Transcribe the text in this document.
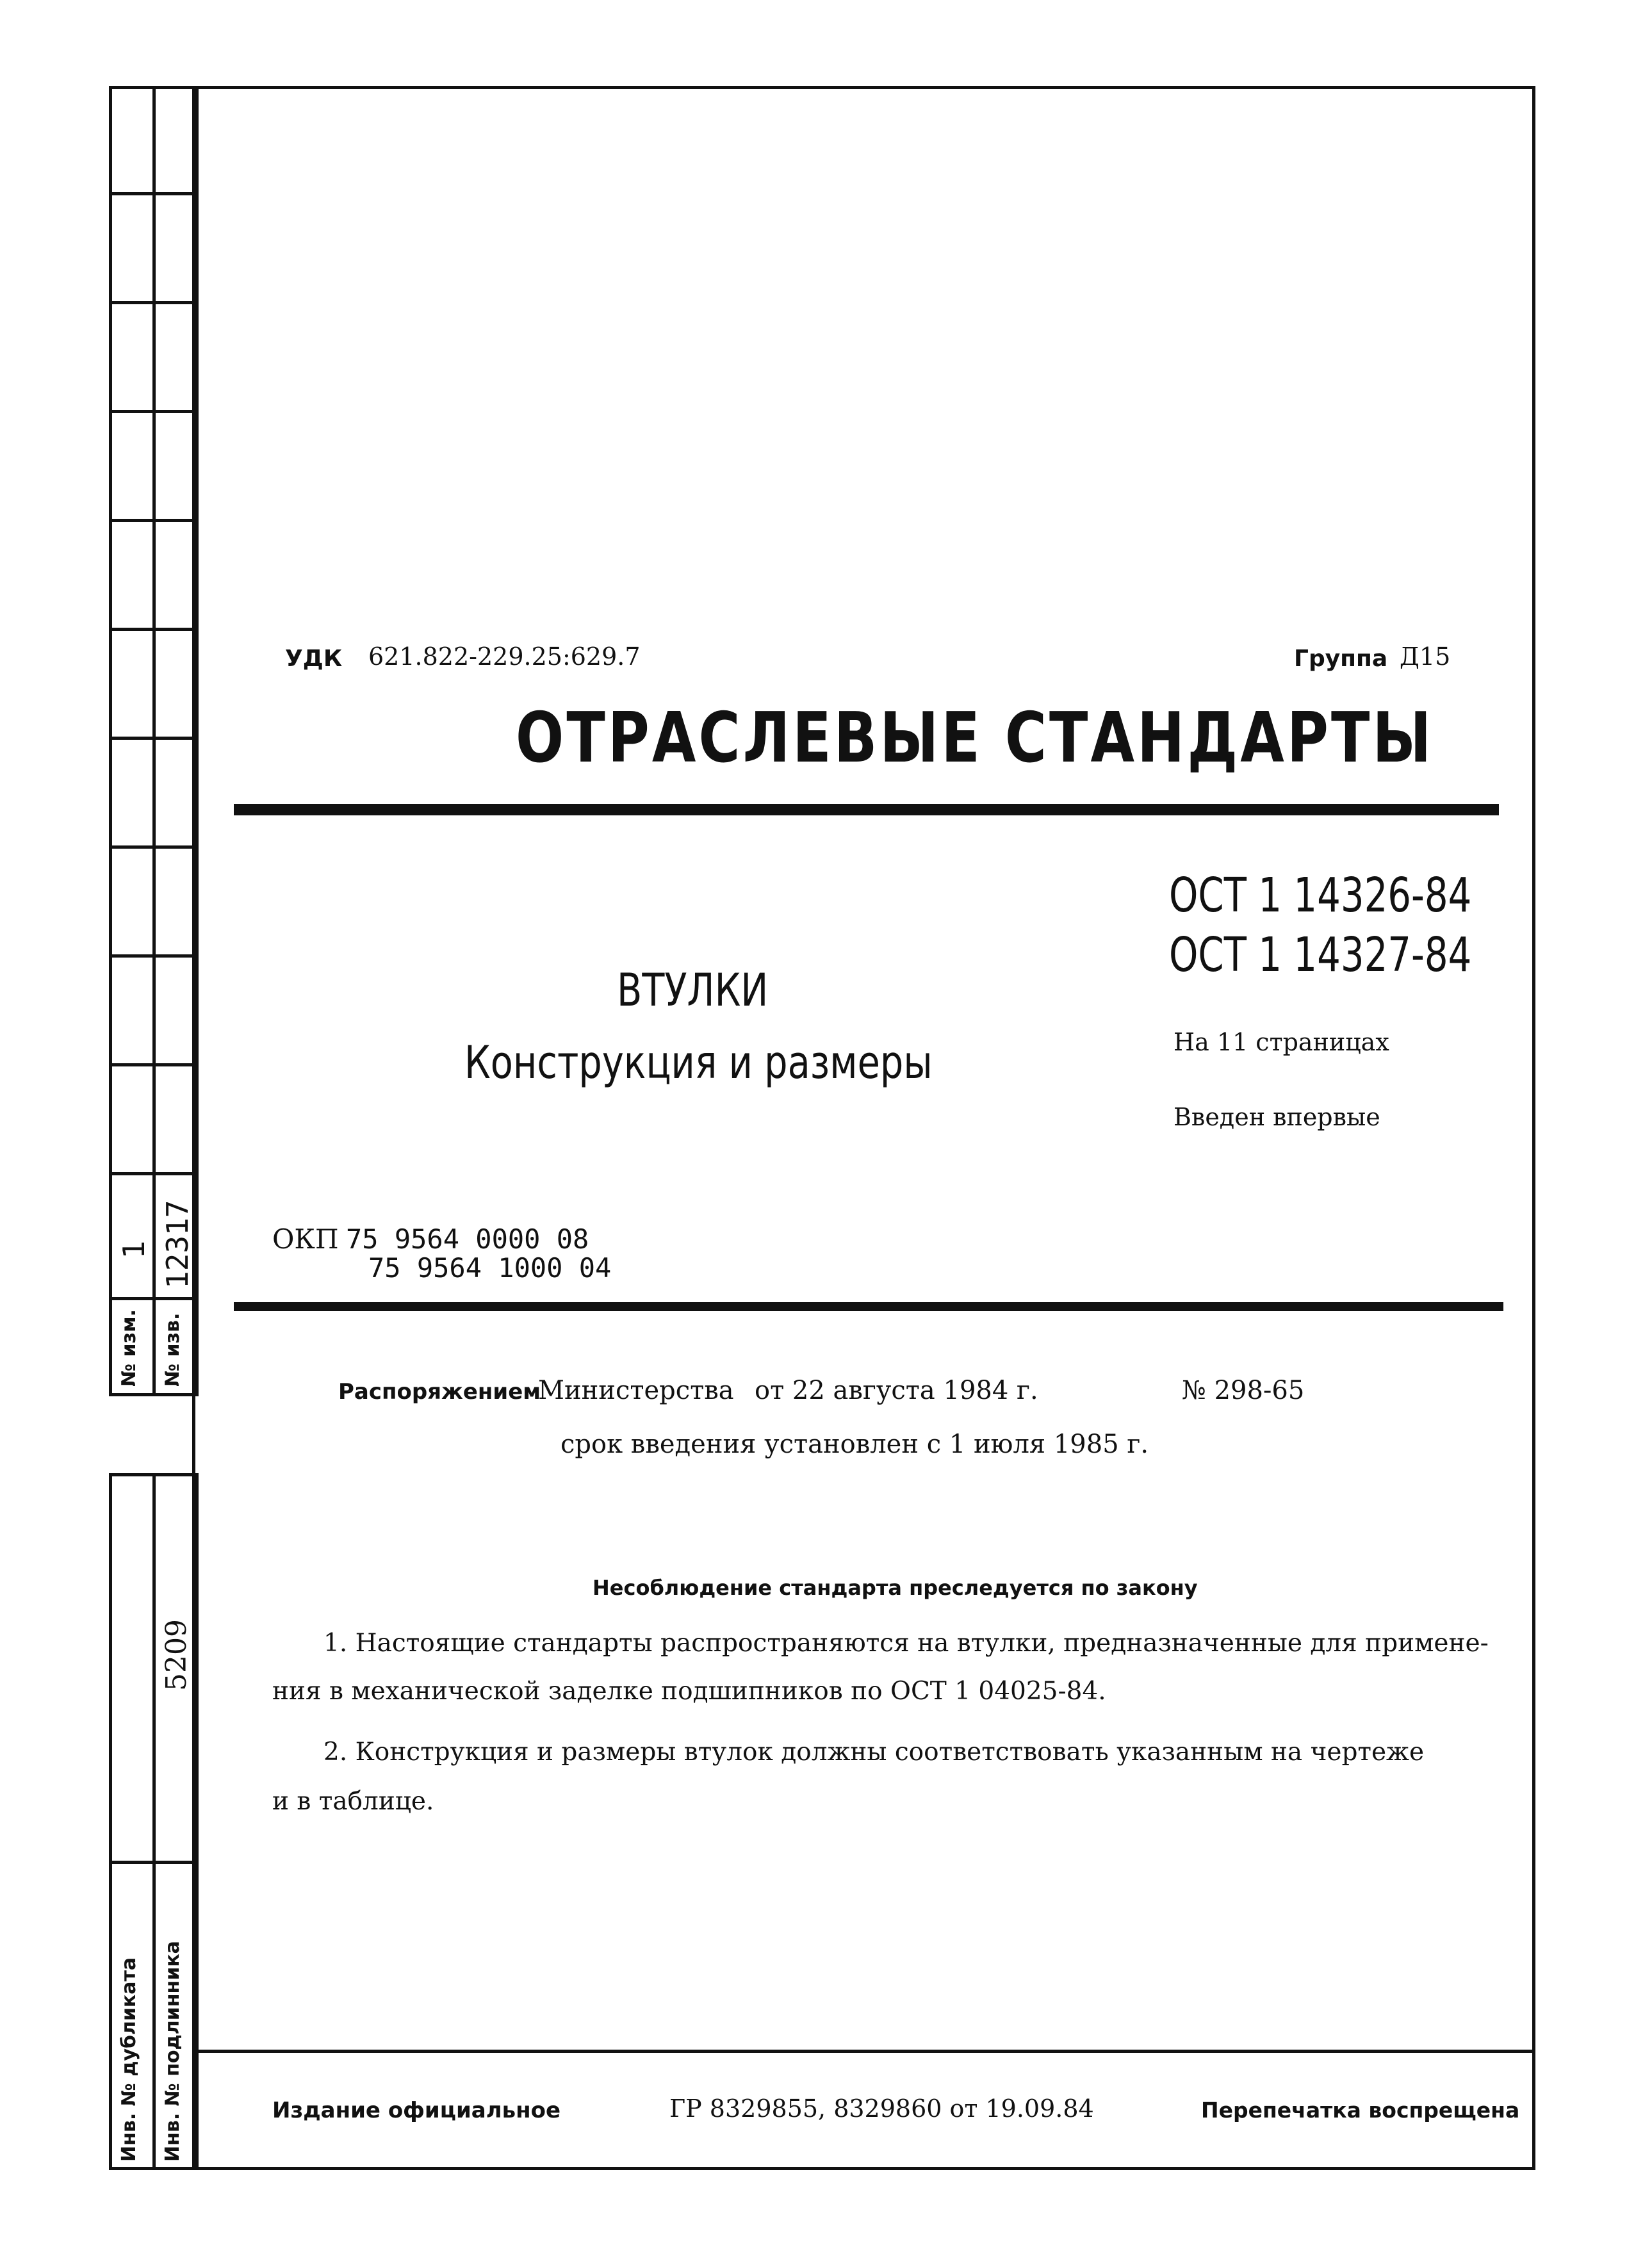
1 12317
№ изм. № изв.
5209
Инв. № дубликата Инв. № подлинника
УДК 621.822-229.25:629.7	Группа Д15
ОТРАСЛЕВЫЕ СТАНДАРТЫ
ОСТ 1 14326-84
ОСТ 1 14327-84
ВТУЛКИ
Конструкция и размеры	На 11 страницах
Введен впервые
ОКП 75 9564 0000 08
75 9564 1000 04
Распоряжением
Министерства от 22 августа 1984 г.	№ 298-65
срок введения установлен с 1 июля 1985 г.
Несоблюдение стандарта преследуется по закону
1. Настоящие стандарты распространяются на втулки, предназначенные для примене-
ния в механической заделке подшипников по ОСТ 1 04025-84.
2. Конструкция и размеры втулок должны соответствовать указанным на чертеже
и в таблице.
Издание официальное	ГР 8329855, 8329860 от 19.09.84	Перепечатка воспрещена
